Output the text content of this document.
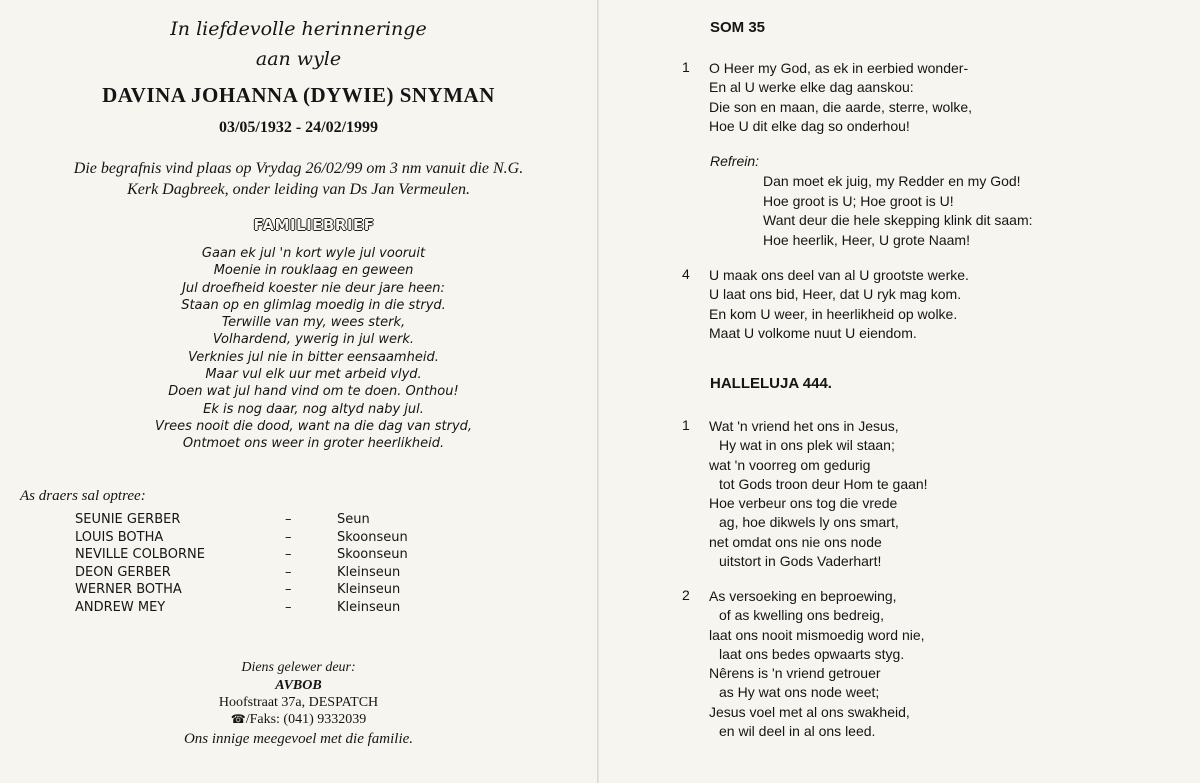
In liefdevolle herinneringe
aan wyle
DAVINA JOHANNA (DYWIE) SNYMAN
03/05/1932 - 24/02/1999
Die begrafnis vind plaas op Vrydag 26/02/99 om 3 nm vanuit die N.G.
Kerk Dagbreek, onder leiding van Ds Jan Vermeulen.
FAMILIEBRIEF
Gaan ek jul 'n kort wyle jul vooruit
Moenie in rouklaag en geween
Jul droefheid koester nie deur jare heen:
Staan op en glimlag moedig in die stryd.
Terwille van my, wees sterk,
Volhardend, ywerig in jul werk.
Verknies jul nie in bitter eensaamheid.
Maar vul elk uur met arbeid vlyd.
Doen wat jul hand vind om te doen. Onthou!
Ek is nog daar, nog altyd naby jul.
Vrees nooit die dood, want na die dag van stryd,
Ontmoet ons weer in groter heerlikheid.
As draers sal optree:
SEUNIE GERBER	–	Seun
LOUIS BOTHA	–	Skoonseun
NEVILLE COLBORNE	–	Skoonseun
DEON GERBER	–	Kleinseun
WERNER BOTHA	–	Kleinseun
ANDREW MEY	–	Kleinseun
Diens gelewer deur:
AVBOB
Hoofstraat 37a, DESPATCH
☎/Faks: (041) 9332039
Ons innige meegevoel met die familie.
SOM 35
1 O Heer my God, as ek in eerbied wonder-
En al U werke elke dag aanskou:
Die son en maan, die aarde, sterre, wolke,
Hoe U dit elke dag so onderhou!
Refrein:
Dan moet ek juig, my Redder en my God!
Hoe groot is U; Hoe groot is U!
Want deur die hele skepping klink dit saam:
Hoe heerlik, Heer, U grote Naam!
4 U maak ons deel van al U grootste werke.
U laat ons bid, Heer, dat U ryk mag kom.
En kom U weer, in heerlikheid op wolke.
Maat U volkome nuut U eiendom.
HALLELUJA 444.
1 Wat 'n vriend het ons in Jesus,
Hy wat in ons plek wil staan;
wat 'n voorreg om gedurig
tot Gods troon deur Hom te gaan!
Hoe verbeur ons tog die vrede
ag, hoe dikwels ly ons smart,
net omdat ons nie ons node
uitstort in Gods Vaderhart!
2 As versoeking en beproewing,
of as kwelling ons bedreig,
laat ons nooit mismoedig word nie,
laat ons bedes opwaarts styg.
Nêrens is 'n vriend getrouer
as Hy wat ons node weet;
Jesus voel met al ons swakheid,
en wil deel in al ons leed.
